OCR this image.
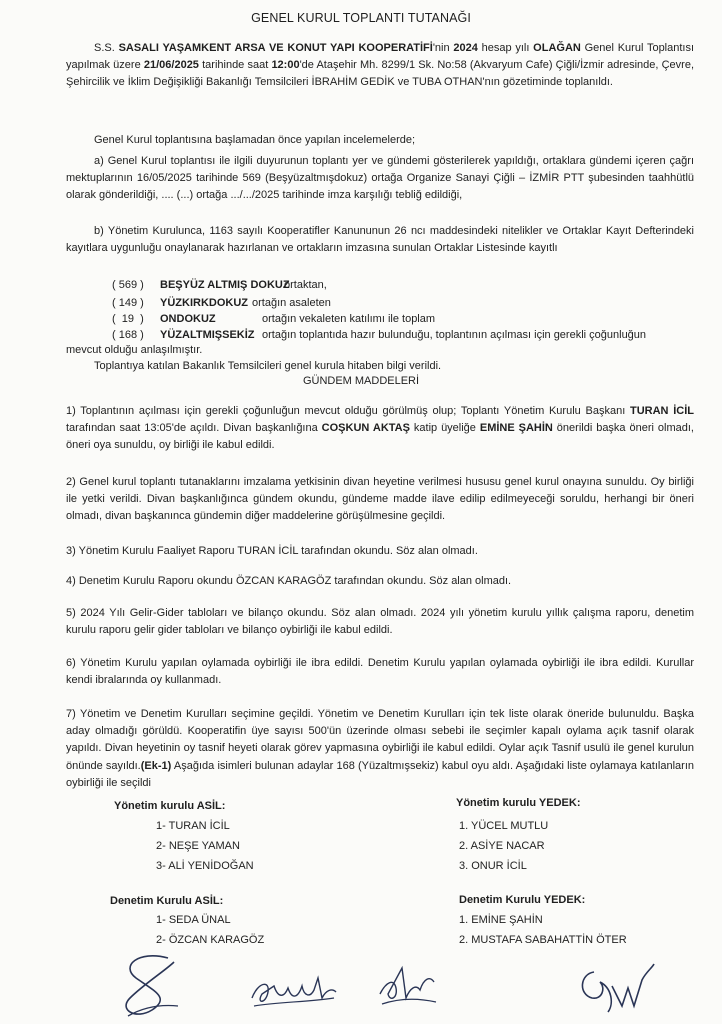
GENEL KURUL TOPLANTI TUTANAĞI

S.S. SASALI YAŞAMKENT ARSA VE KONUT YAPI KOOPERATİFİ'nin 2024 hesap yılı OLAĞAN Genel Kurul Toplantısı yapılmak üzere 21/06/2025 tarihinde saat 12:00'de Ataşehir Mh. 8299/1 Sk. No:58 (Akvaryum Cafe) Çiğli/İzmir adresinde, Çevre, Şehircilik ve İklim Değişikliği Bakanlığı Temsilcileri İBRAHİM GEDİK ve TUBA OTHAN'nın gözetiminde toplanıldı.

Genel Kurul toplantısına başlamadan önce yapılan incelemelerde;

a) Genel Kurul toplantısı ile ilgili duyurunun toplantı yer ve gündemi gösterilerek yapıldığı, ortaklara gündemi içeren çağrı mektuplarının 16/05/2025 tarihinde 569 (Beşyüzaltmışdokuz) ortağa Organize Sanayi Çiğli – İZMİR PTT şubesinden taahhütlü olarak gönderildiği, .... (...) ortağa .../.../2025 tarihinde imza karşılığı tebliğ edildiği,

b) Yönetim Kurulunca, 1163 sayılı Kooperatifler Kanununun 26 ncı maddesindeki nitelikler ve Ortaklar Kayıt Defterindeki kayıtlara uygunluğu onaylanarak hazırlanan ve ortakların imzasına sunulan Ortaklar Listesinde kayıtlı

( 569 ) BEŞYÜZ ALTMIŞ DOKUZ
ortaktan,
( 149 ) YÜZKIRKDOKUZ ortağın asaleten
(  19  ) ONDOKUZ	ortağın vekaleten katılımı ile toplam
( 168 ) YÜZALTMIŞSEKİZ ortağın toplantıda hazır bulunduğu, toplantının açılması için gerekli çoğunluğun

mevcut olduğu anlaşılmıştır.

Toplantıya katılan Bakanlık Temsilcileri genel kurula hitaben bilgi verildi.

GÜNDEM MADDELERİ

1) Toplantının açılması için gerekli çoğunluğun mevcut olduğu görülmüş olup; Toplantı Yönetim Kurulu Başkanı TURAN İCİL tarafından saat 13:05'de açıldı. Divan başkanlığına COŞKUN AKTAŞ katip üyeliğe EMİNE ŞAHİN önerildi başka öneri olmadı, öneri oya sunuldu, oy birliği ile kabul edildi.

2) Genel kurul toplantı tutanaklarını imzalama yetkisinin divan heyetine verilmesi hususu genel kurul onayına sunuldu. Oy birliği ile yetki verildi. Divan başkanlığınca gündem okundu, gündeme madde ilave edilip edilmeyeceği soruldu, herhangi bir öneri olmadı, divan başkanınca gündemin diğer maddelerine görüşülmesine geçildi.

3) Yönetim Kurulu Faaliyet Raporu TURAN İCİL tarafından okundu. Söz alan olmadı.

4) Denetim Kurulu Raporu okundu ÖZCAN KARAGÖZ tarafından okundu. Söz alan olmadı.

5) 2024 Yılı Gelir-Gider tabloları ve bilanço okundu. Söz alan olmadı. 2024 yılı yönetim kurulu yıllık çalışma raporu, denetim kurulu raporu gelir gider tabloları ve bilanço oybirliği ile kabul edildi.

6) Yönetim Kurulu yapılan oylamada oybirliği ile ibra edildi. Denetim Kurulu yapılan oylamada oybirliği ile ibra edildi. Kurullar kendi ibralarında oy kullanmadı.

7) Yönetim ve Denetim Kurulları seçimine geçildi. Yönetim ve Denetim Kurulları için tek liste olarak öneride bulunuldu. Başka aday olmadığı görüldü. Kooperatifin üye sayısı 500'ün üzerinde olması sebebi ile seçimler kapalı oylama açık tasnif olarak yapıldı. Divan heyetinin oy tasnif heyeti olarak görev yapmasına oybirliği ile kabul edildi. Oylar açık Tasnif usulü ile genel kurulun önünde sayıldı.(Ek-1) Aşağıda isimleri bulunan adaylar 168 (Yüzaltmışsekiz) kabul oyu aldı. Aşağıdaki liste oylamaya katılanların oybirliği ile seçildi

Yönetim kurulu ASİL:
1- TURAN İCİL
2- NEŞE YAMAN
3- ALİ YENİDOĞAN
Yönetim kurulu YEDEK:
1. YÜCEL MUTLU
2. ASİYE NACAR
3. ONUR İCİL
Denetim Kurulu ASİL:
1- SEDA ÜNAL
2- ÖZCAN KARAGÖZ
Denetim Kurulu YEDEK:
1. EMİNE ŞAHİN
2. MUSTAFA SABAHATTİN ÖTER
